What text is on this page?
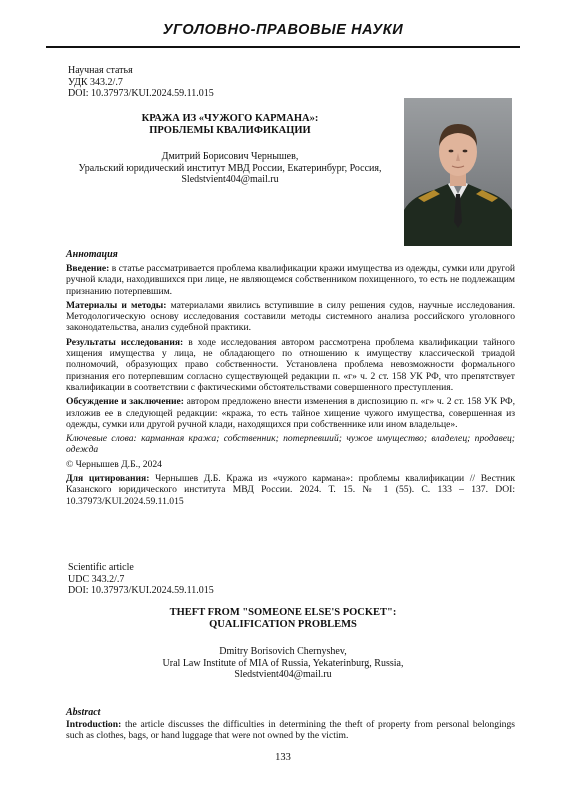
УГОЛОВНО-ПРАВОВЫЕ НАУКИ
Научная статья
УДК 343.2/.7
DOI: 10.37973/KUI.2024.59.11.015
КРАЖА ИЗ «ЧУЖОГО КАРМАНА»:
ПРОБЛЕМЫ КВАЛИФИКАЦИИ
Дмитрий Борисович Чернышев,
Уральский юридический институт МВД России, Екатеринбург, Россия,
Sledstvient404@mail.ru
Аннотация

Введение: в статье рассматривается проблема квалификации кражи имущества из одежды, сумки или другой ручной клади, находившихся при лице, не являющемся собственником похищенного, то есть не подлежащим признанию потерпевшим.

Материалы и методы: материалами явились вступившие в силу решения судов, научные исследования. Методологическую основу исследования составили методы системного анализа российского уголовного законодательства, анализ судебной практики.

Результаты исследования: в ходе исследования автором рассмотрена проблема квалификации тайного хищения имущества у лица, не обладающего по отношению к имуществу классической триадой полномочий, образующих право собственности. Установлена проблема невозможности формального признания его потерпевшим согласно существующей редакции п. «г» ч. 2 ст. 158 УК РФ, что препятствует квалификации в соответствии с фактическими обстоятельствами совершенного преступления.

Обсуждение и заключение: автором предложено внести изменения в диспозицию п. «г» ч. 2 ст. 158 УК РФ, изложив ее в следующей редакции: «кража, то есть тайное хищение чужого имущества, совершенная из одежды, сумки или другой ручной клади, находящихся при собственнике или ином владельце».

Ключевые слова: карманная кража; собственник; потерпевший; чужое имущество; владелец; продавец; одежда

© Чернышев Д.Б., 2024

Для цитирования: Чернышев Д.Б. Кража из «чужого кармана»: проблемы квалификации // Вестник Казанского юридического института МВД России. 2024. Т. 15. № 1 (55). С. 133 – 137. DOI: 10.37973/KUI.2024.59.11.015

Scientific article
UDC 343.2/.7
DOI: 10.37973/KUI.2024.59.11.015
THEFT FROM "SOMEONE ELSE'S POCKET":
QUALIFICATION PROBLEMS
Dmitry Borisovich Chernyshev,
Ural Law Institute of MIA of Russia, Yekaterinburg, Russia,
Sledstvient404@mail.ru
Abstract

Introduction: the article discusses the difficulties in determining the theft of property from personal belongings such as clothes, bags, or hand luggage that were not owned by the victim.

133
